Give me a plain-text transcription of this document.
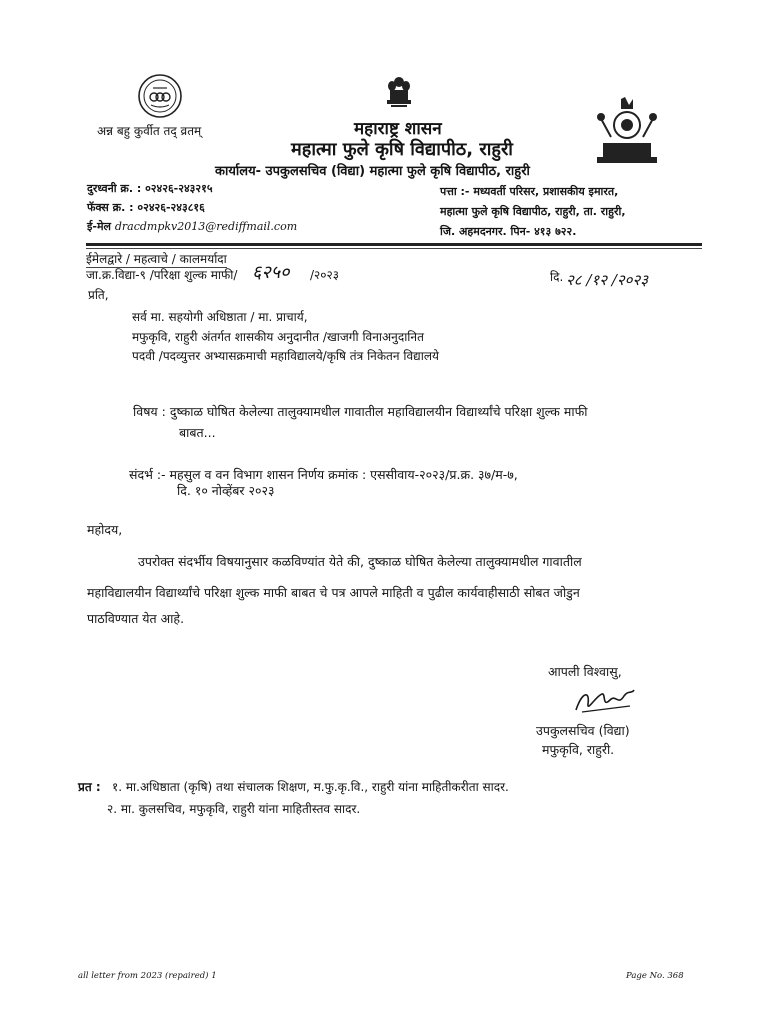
अन्न बहु कुर्वीत तद् व्रतम्	महाराष्ट्र शासन
महात्मा फुले कृषि विद्यापीठ, राहुरी
कार्यालय- उपकुलसचिव (विद्या) महात्मा फुले कृषि विद्यापीठ, राहुरी
दुरध्वनी क्र. : ०२४२६-२४३२१५
फॅक्स क्र. : ०२४२६-२४३८१६
ई-मेल dracdmpkv2013@rediffmail.com
पत्ता :- मध्यवर्ती परिसर, प्रशासकीय इमारत,
महात्मा फुले कृषि विद्यापीठ, राहुरी, ता. राहुरी,
जि. अहमदनगर. पिन- ४१३ ७२२.
ईमेलद्वारे / महत्वाचे / कालमर्यादा
जा.क्र.विद्या-९ /परिक्षा शुल्क माफी/ ६२५० /२०२३	दि. २८ /१२ /२०२३
प्रति,
सर्व मा. सहयोगी अधिष्ठाता / मा. प्राचार्य,
मफुकृवि, राहुरी अंतर्गत शासकीय अनुदानीत /खाजगी विनाअनुदानित
पदवी /पदव्युत्तर अभ्यासक्रमाची महाविद्यालये/कृषि तंत्र निकेतन विद्यालये
विषय : दुष्काळ घोषित केलेल्या तालुक्यामधील गावातील महाविद्यालयीन विद्यार्थ्यांचे परिक्षा शुल्क माफी
बाबत...
संदर्भ :- महसुल व वन विभाग शासन निर्णय क्रमांक : एससीवाय-२०२३/प्र.क्र. ३७/म-७,
दि. १० नोव्हेंबर २०२३
महोदय,
उपरोक्त संदर्भीय विषयानुसार कळविण्यांत येते की, दुष्काळ घोषित केलेल्या तालुक्यामधील गावातील
महाविद्यालयीन विद्यार्थ्यांचे परिक्षा शुल्क माफी बाबत चे पत्र आपले माहिती व पुढील कार्यवाहीसाठी सोबत जोडुन
पाठविण्यात येत आहे.
आपली विश्वासु,
उपकुलसचिव (विद्या)
मफुकृवि, राहुरी.
प्रत : १. मा.अधिष्ठाता (कृषि) तथा संचालक शिक्षण, म.फु.कृ.वि., राहुरी यांना माहितीकरीता सादर.
२. मा. कुलसचिव, मफुकृवि, राहुरी यांना माहितीस्तव सादर.
all letter from 2023 (repaired) 1	Page No. 368
